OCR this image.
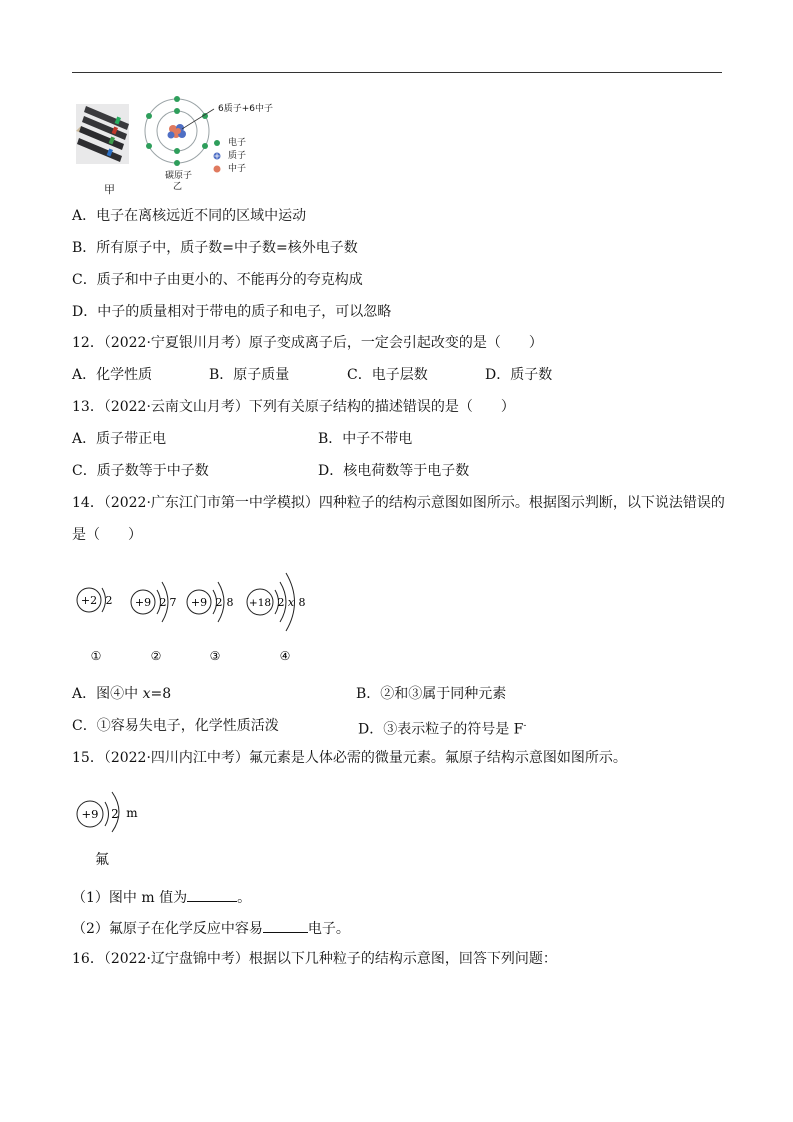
甲
6质子+6中子
碳原子
乙
电子
质子
中子
A．电子在离核远近不同的区域中运动
B．所有原子中，质子数=中子数=核外电子数
C．质子和中子由更小的、不能再分的夸克构成
D．中子的质量相对于带电的质子和电子，可以忽略
12．（2022·宁夏银川月考）原子变成离子后，一定会引起改变的是（　　）
A．化学性质	B．原子质量	C．电子层数	D．质子数
13．（2022·云南文山月考）下列有关原子结构的描述错误的是（　　）
A．质子带正电	B．中子不带电
C．质子数等于中子数	D．核电荷数等于电子数
14．（2022·广东江门市第一中学模拟）四种粒子的结构示意图如图所示。根据图示判断，以下说法错误的
是（　　）
+2 2
①
+9 2 7
②
+9 2 8
③
+18 2 x 8
④
A．图④中 x=8	B．②和③属于同种元素
C．①容易失电子，化学性质活泼	D．③表示粒子的符号是 F-
15．（2022·四川内江中考）氟元素是人体必需的微量元素。氟原子结构示意图如图所示。
+9 2 m
氟
（1）图中 m 值为	。
（2）氟原子在化学反应中容易	电子。
16．（2022·辽宁盘锦中考）根据以下几种粒子的结构示意图，回答下列问题：
